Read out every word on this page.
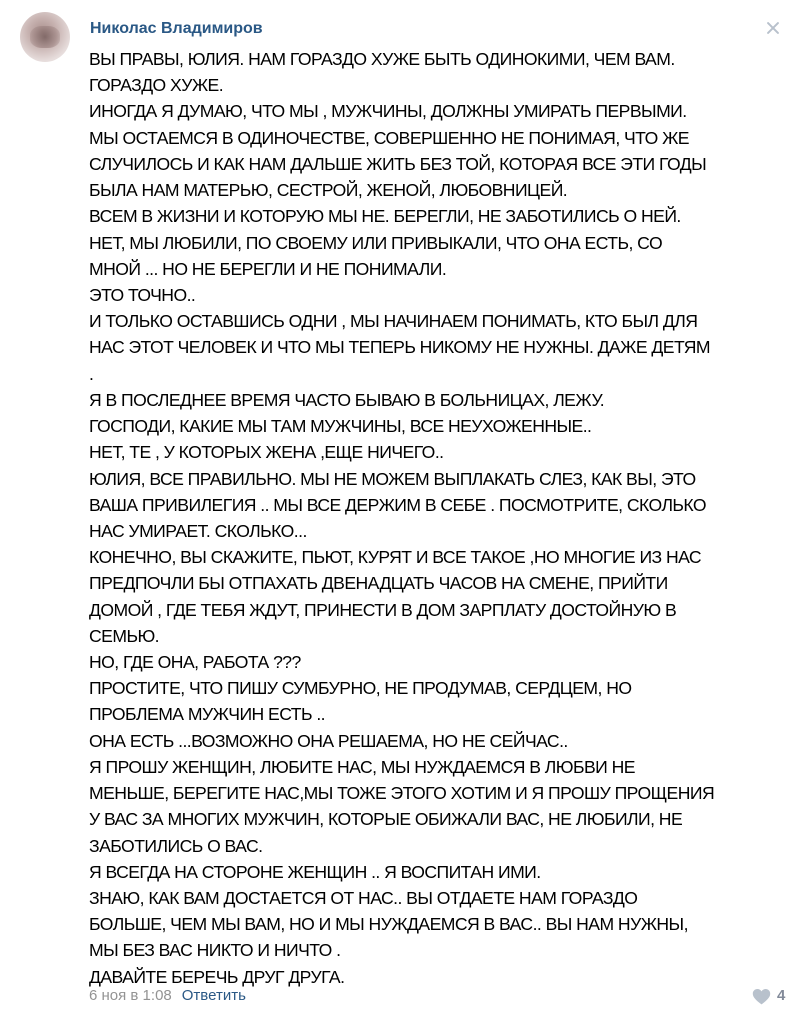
Николас Владимиров
ВЫ ПРАВЫ, ЮЛИЯ. НАМ ГОРАЗДО ХУЖЕ БЫТЬ ОДИНОКИМИ, ЧЕМ ВАМ.
ГОРАЗДО ХУЖЕ.
ИНОГДА Я ДУМАЮ, ЧТО МЫ , МУЖЧИНЫ, ДОЛЖНЫ УМИРАТЬ ПЕРВЫМИ.
МЫ ОСТАЕМСЯ В ОДИНОЧЕСТВЕ, СОВЕРШЕННО НЕ ПОНИМАЯ, ЧТО ЖЕ
СЛУЧИЛОСЬ И КАК НАМ ДАЛЬШЕ ЖИТЬ БЕЗ ТОЙ, КОТОРАЯ ВСЕ ЭТИ ГОДЫ
БЫЛА НАМ МАТЕРЬЮ, СЕСТРОЙ, ЖЕНОЙ, ЛЮБОВНИЦЕЙ.
ВСЕМ В ЖИЗНИ И КОТОРУЮ МЫ НЕ. БЕРЕГЛИ, НЕ ЗАБОТИЛИСЬ О НЕЙ.
НЕТ, МЫ ЛЮБИЛИ, ПО СВОЕМУ ИЛИ ПРИВЫКАЛИ, ЧТО ОНА ЕСТЬ, СО
МНОЙ ... НО НЕ БЕРЕГЛИ И НЕ ПОНИМАЛИ.
ЭТО ТОЧНО..
И ТОЛЬКО ОСТАВШИСЬ ОДНИ , МЫ НАЧИНАЕМ ПОНИМАТЬ, КТО БЫЛ ДЛЯ
НАС ЭТОТ ЧЕЛОВЕК И ЧТО МЫ ТЕПЕРЬ НИКОМУ НЕ НУЖНЫ. ДАЖЕ ДЕТЯМ
.
Я В ПОСЛЕДНЕЕ ВРЕМЯ ЧАСТО БЫВАЮ В БОЛЬНИЦАХ, ЛЕЖУ.
ГОСПОДИ, КАКИЕ МЫ ТАМ МУЖЧИНЫ, ВСЕ НЕУХОЖЕННЫЕ..
НЕТ, ТЕ , У КОТОРЫХ ЖЕНА ,ЕЩЕ НИЧЕГО..
ЮЛИЯ, ВСЕ ПРАВИЛЬНО. МЫ НЕ МОЖЕМ ВЫПЛАКАТЬ СЛЕЗ, КАК ВЫ, ЭТО
ВАША ПРИВИЛЕГИЯ .. МЫ ВСЕ ДЕРЖИМ В СЕБЕ . ПОСМОТРИТЕ, СКОЛЬКО
НАС УМИРАЕТ. СКОЛЬКО...
КОНЕЧНО, ВЫ СКАЖИТЕ, ПЬЮТ, КУРЯТ И ВСЕ ТАКОЕ ,НО МНОГИЕ ИЗ НАС
ПРЕДПОЧЛИ БЫ ОТПАХАТЬ ДВЕНАДЦАТЬ ЧАСОВ НА СМЕНЕ, ПРИЙТИ
ДОМОЙ , ГДЕ ТЕБЯ ЖДУТ, ПРИНЕСТИ В ДОМ ЗАРПЛАТУ ДОСТОЙНУЮ В
СЕМЬЮ.
НО, ГДЕ ОНА, РАБОТА ???
ПРОСТИТЕ, ЧТО ПИШУ СУМБУРНО, НЕ ПРОДУМАВ, СЕРДЦЕМ, НО
ПРОБЛЕМА МУЖЧИН ЕСТЬ ..
ОНА ЕСТЬ ...ВОЗМОЖНО ОНА РЕШАЕМА, НО НЕ СЕЙЧАС..
Я ПРОШУ ЖЕНЩИН, ЛЮБИТЕ НАС, МЫ НУЖДАЕМСЯ В ЛЮБВИ НЕ
МЕНЬШЕ, БЕРЕГИТЕ НАС,МЫ ТОЖЕ ЭТОГО ХОТИМ И Я ПРОШУ ПРОЩЕНИЯ
У ВАС ЗА МНОГИХ МУЖЧИН, КОТОРЫЕ ОБИЖАЛИ ВАС, НЕ ЛЮБИЛИ, НЕ
ЗАБОТИЛИСЬ О ВАС.
Я ВСЕГДА НА СТОРОНЕ ЖЕНЩИН .. Я ВОСПИТАН ИМИ.
ЗНАЮ, КАК ВАМ ДОСТАЕТСЯ ОТ НАС.. ВЫ ОТДАЕТЕ НАМ ГОРАЗДО
БОЛЬШЕ, ЧЕМ МЫ ВАМ, НО И МЫ НУЖДАЕМСЯ В ВАС.. ВЫ НАМ НУЖНЫ,
МЫ БЕЗ ВАС НИКТО И НИЧТО .
ДАВАЙТЕ БЕРЕЧЬ ДРУГ ДРУГА.
6 ноя в 1:08 Ответить	4
